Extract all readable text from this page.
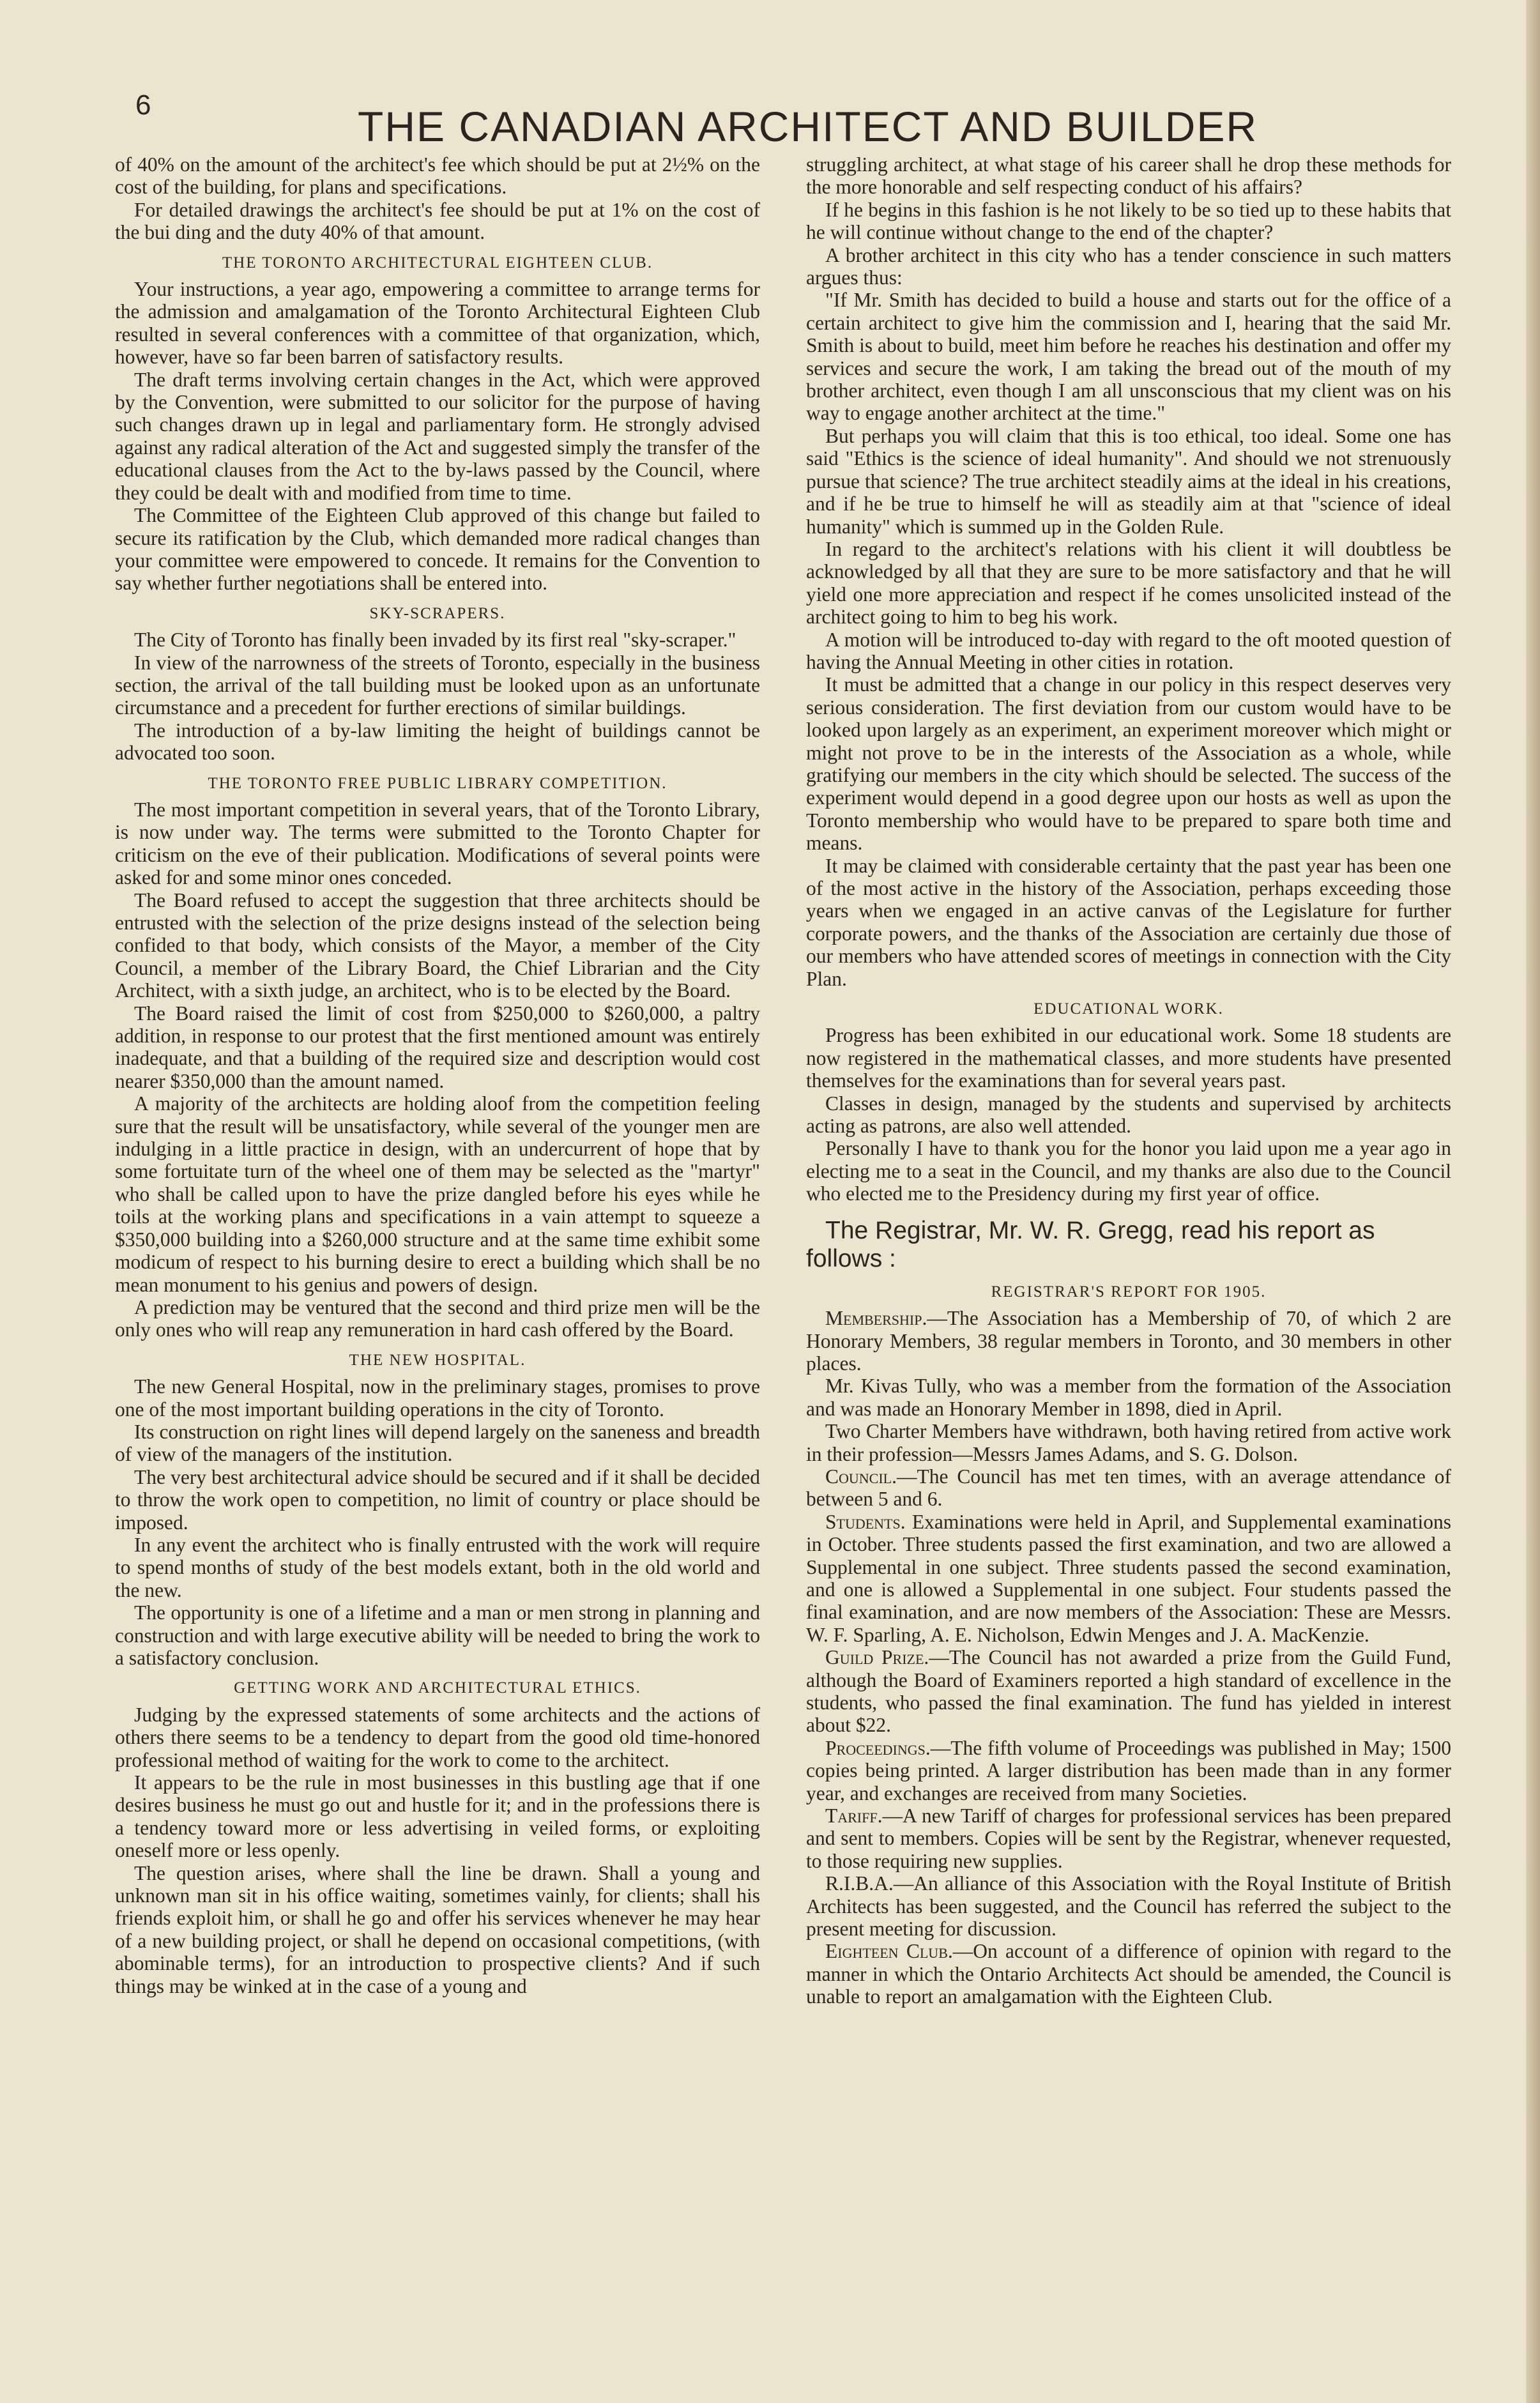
6	THE CANADIAN ARCHITECT AND BUILDER

of 40% on the amount of the architect's fee which should be put at 2½% on the cost of the building, for plans and specifications.

For detailed drawings the architect's fee should be put at 1% on the cost of the bui ding and the duty 40% of that amount.

THE TORONTO ARCHITECTURAL EIGHTEEN CLUB.

Your instructions, a year ago, empowering a committee to arrange terms for the admission and amalgamation of the Toronto Architectural Eighteen Club resulted in several conferences with a committee of that organization, which, however, have so far been barren of satisfactory results.

The draft terms involving certain changes in the Act, which were approved by the Convention, were submitted to our solicitor for the purpose of having such changes drawn up in legal and parliamentary form. He strongly advised against any radical alteration of the Act and suggested simply the transfer of the educational clauses from the Act to the by-laws passed by the Council, where they could be dealt with and modified from time to time.

The Committee of the Eighteen Club approved of this change but failed to secure its ratification by the Club, which demanded more radical changes than your committee were empowered to concede. It remains for the Convention to say whether further negotiations shall be entered into.

SKY-SCRAPERS.

The City of Toronto has finally been invaded by its first real "sky-scraper."

In view of the narrowness of the streets of Toronto, especially in the business section, the arrival of the tall building must be looked upon as an unfortunate circumstance and a precedent for further erections of similar buildings.

The introduction of a by-law limiting the height of buildings cannot be advocated too soon.

THE TORONTO FREE PUBLIC LIBRARY COMPETITION.

The most important competition in several years, that of the Toronto Library, is now under way. The terms were submitted to the Toronto Chapter for criticism on the eve of their publication. Modifications of several points were asked for and some minor ones conceded.

The Board refused to accept the suggestion that three architects should be entrusted with the selection of the prize designs instead of the selection being confided to that body, which consists of the Mayor, a member of the City Council, a member of the Library Board, the Chief Librarian and the City Architect, with a sixth judge, an architect, who is to be elected by the Board.

The Board raised the limit of cost from $250,000 to $260,000, a paltry addition, in response to our protest that the first mentioned amount was entirely inadequate, and that a building of the required size and description would cost nearer $350,000 than the amount named.

A majority of the architects are holding aloof from the competition feeling sure that the result will be unsatisfactory, while several of the younger men are indulging in a little practice in design, with an undercurrent of hope that by some fortuitate turn of the wheel one of them may be selected as the "martyr" who shall be called upon to have the prize dangled before his eyes while he toils at the working plans and specifications in a vain attempt to squeeze a $350,000 building into a $260,000 structure and at the same time exhibit some modicum of respect to his burning desire to erect a building which shall be no mean monument to his genius and powers of design.

A prediction may be ventured that the second and third prize men will be the only ones who will reap any remuneration in hard cash offered by the Board.

THE NEW HOSPITAL.

The new General Hospital, now in the preliminary stages, promises to prove one of the most important building operations in the city of Toronto.

Its construction on right lines will depend largely on the saneness and breadth of view of the managers of the institution.

The very best architectural advice should be secured and if it shall be decided to throw the work open to competition, no limit of country or place should be imposed.

In any event the architect who is finally entrusted with the work will require to spend months of study of the best models extant, both in the old world and the new.

The opportunity is one of a lifetime and a man or men strong in planning and construction and with large executive ability will be needed to bring the work to a satisfactory conclusion.

GETTING WORK AND ARCHITECTURAL ETHICS.

Judging by the expressed statements of some architects and the actions of others there seems to be a tendency to depart from the good old time-honored professional method of waiting for the work to come to the architect.

It appears to be the rule in most businesses in this bustling age that if one desires business he must go out and hustle for it; and in the professions there is a tendency toward more or less advertising in veiled forms, or exploiting oneself more or less openly.

The question arises, where shall the line be drawn. Shall a young and unknown man sit in his office waiting, sometimes vainly, for clients; shall his friends exploit him, or shall he go and offer his services whenever he may hear of a new building project, or shall he depend on occasional competitions, (with abominable terms), for an introduction to prospective clients? And if such things may be winked at in the case of a young and

struggling architect, at what stage of his career shall he drop these methods for the more honorable and self respecting conduct of his affairs?

If he begins in this fashion is he not likely to be so tied up to these habits that he will continue without change to the end of the chapter?

A brother architect in this city who has a tender conscience in such matters argues thus:

"If Mr. Smith has decided to build a house and starts out for the office of a certain architect to give him the commission and I, hearing that the said Mr. Smith is about to build, meet him before he reaches his destination and offer my services and secure the work, I am taking the bread out of the mouth of my brother architect, even though I am all unsconscious that my client was on his way to engage another architect at the time."

But perhaps you will claim that this is too ethical, too ideal. Some one has said "Ethics is the science of ideal humanity". And should we not strenuously pursue that science? The true architect steadily aims at the ideal in his creations, and if he be true to himself he will as steadily aim at that "science of ideal humanity" which is summed up in the Golden Rule.

In regard to the architect's relations with his client it will doubtless be acknowledged by all that they are sure to be more satisfactory and that he will yield one more appreciation and respect if he comes unsolicited instead of the architect going to him to beg his work.

A motion will be introduced to-day with regard to the oft mooted question of having the Annual Meeting in other cities in rotation.

It must be admitted that a change in our policy in this respect deserves very serious consideration. The first deviation from our custom would have to be looked upon largely as an experiment, an experiment moreover which might or might not prove to be in the interests of the Association as a whole, while gratifying our members in the city which should be selected. The success of the experiment would depend in a good degree upon our hosts as well as upon the Toronto membership who would have to be prepared to spare both time and means.

It may be claimed with considerable certainty that the past year has been one of the most active in the history of the Association, perhaps exceeding those years when we engaged in an active canvas of the Legislature for further corporate powers, and the thanks of the Association are certainly due those of our members who have attended scores of meetings in connection with the City Plan.

EDUCATIONAL WORK.

Progress has been exhibited in our educational work. Some 18 students are now registered in the mathematical classes, and more students have presented themselves for the examinations than for several years past.

Classes in design, managed by the students and supervised by architects acting as patrons, are also well attended.

Personally I have to thank you for the honor you laid upon me a year ago in electing me to a seat in the Council, and my thanks are also due to the Council who elected me to the Presidency during my first year of office.

The Registrar, Mr. W. R. Gregg, read his report as follows :

REGISTRAR'S REPORT FOR 1905.

Membership.—The Association has a Membership of 70, of which 2 are Honorary Members, 38 regular members in Toronto, and 30 members in other places.

Mr. Kivas Tully, who was a member from the formation of the Association and was made an Honorary Member in 1898, died in April.

Two Charter Members have withdrawn, both having retired from active work in their profession—Messrs James Adams, and S. G. Dolson.

Council.—The Council has met ten times, with an average attendance of between 5 and 6.

Students. Examinations were held in April, and Supplemental examinations in October. Three students passed the first examination, and two are allowed a Supplemental in one subject. Three students passed the second examination, and one is allowed a Supplemental in one subject. Four students passed the final examination, and are now members of the Association: These are Messrs. W. F. Sparling, A. E. Nicholson, Edwin Menges and J. A. MacKenzie.

Guild Prize.—The Council has not awarded a prize from the Guild Fund, although the Board of Examiners reported a high standard of excellence in the students, who passed the final examination. The fund has yielded in interest about $22.

Proceedings.—The fifth volume of Proceedings was published in May; 1500 copies being printed. A larger distribution has been made than in any former year, and exchanges are received from many Societies.

Tariff.—A new Tariff of charges for professional services has been prepared and sent to members. Copies will be sent by the Registrar, whenever requested, to those requiring new supplies.

R.I.B.A.—An alliance of this Association with the Royal Institute of British Architects has been suggested, and the Council has referred the subject to the present meeting for discussion.

Eighteen Club.—On account of a difference of opinion with regard to the manner in which the Ontario Architects Act should be amended, the Council is unable to report an amalgamation with the Eighteen Club.
